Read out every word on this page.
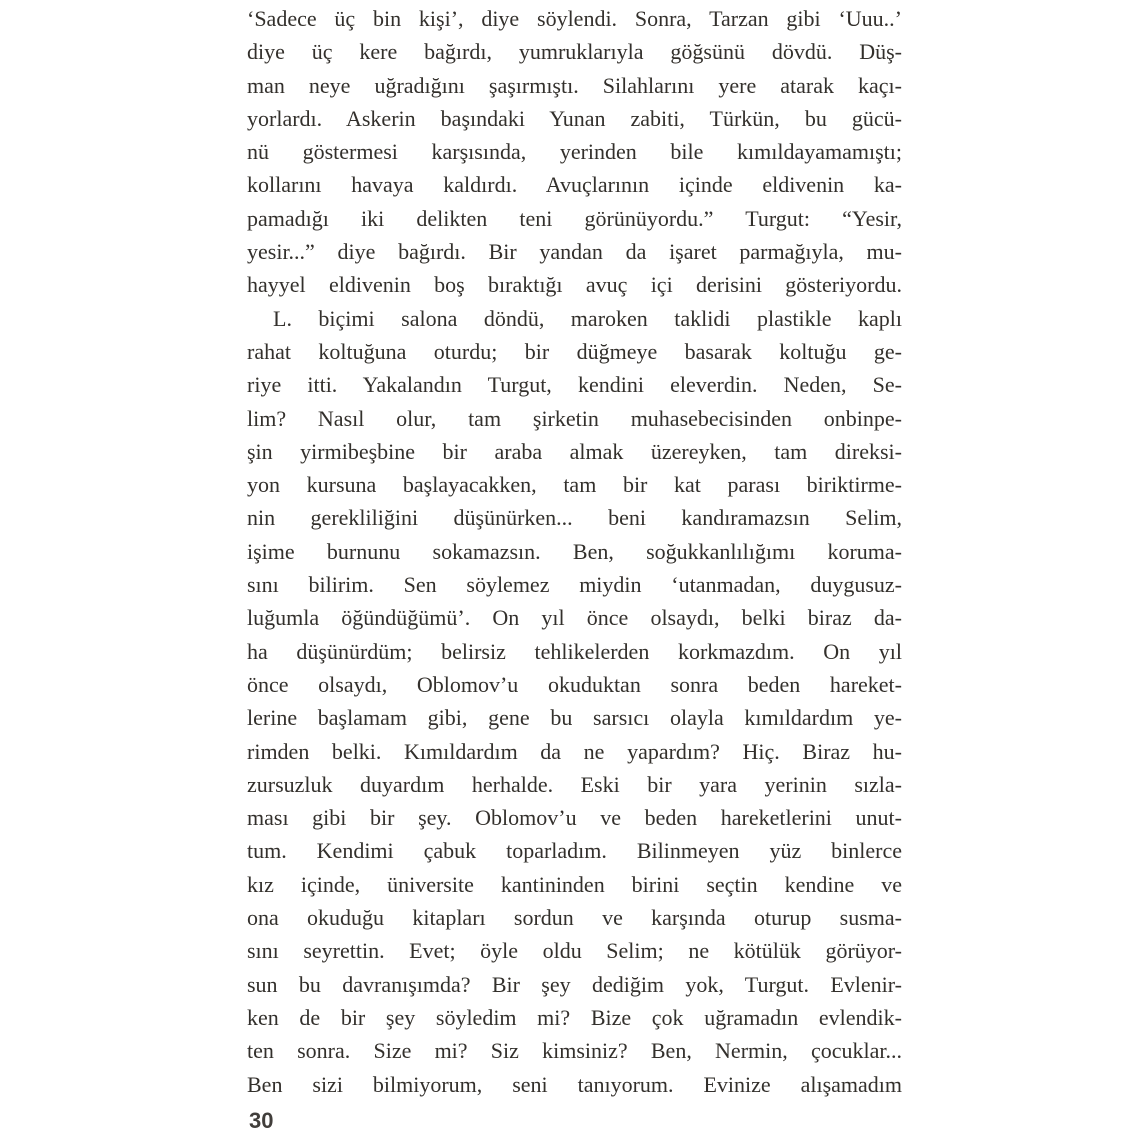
‘Sadece üç bin kişi’, diye söylendi. Sonra, Tarzan gibi ‘Uuu..’
diye üç kere bağırdı, yumruklarıyla göğsünü dövdü. Düş-
man neye uğradığını şaşırmıştı. Silahlarını yere atarak kaçı-
yorlardı. Askerin başındaki Yunan zabiti, Türkün, bu gücü-
nü göstermesi karşısında, yerinden bile kımıldayamamıştı;
kollarını havaya kaldırdı. Avuçlarının içinde eldivenin ka-
pamadığı iki delikten teni görünüyordu.” Turgut: “Yesir,
yesir...” diye bağırdı. Bir yandan da işaret parmağıyla, mu-
hayyel eldivenin boş bıraktığı avuç içi derisini gösteriyordu.
L. biçimi salona döndü, maroken taklidi plastikle kaplı
rahat koltuğuna oturdu; bir düğmeye basarak koltuğu ge-
riye itti. Yakalandın Turgut, kendini eleverdin. Neden, Se-
lim? Nasıl olur, tam şirketin muhasebecisinden onbinpe-
şin yirmibeşbine bir araba almak üzereyken, tam direksi-
yon kursuna başlayacakken, tam bir kat parası biriktirme-
nin gerekliliğini düşünürken... beni kandıramazsın Selim,
işime burnunu sokamazsın. Ben, soğukkanlılığımı koruma-
sını bilirim. Sen söylemez miydin ‘utanmadan, duygusuz-
luğumla öğündüğümü’. On yıl önce olsaydı, belki biraz da-
ha düşünürdüm; belirsiz tehlikelerden korkmazdım. On yıl
önce olsaydı, Oblomov’u okuduktan sonra beden hareket-
lerine başlamam gibi, gene bu sarsıcı olayla kımıldardım ye-
rimden belki. Kımıldardım da ne yapardım? Hiç. Biraz hu-
zursuzluk duyardım herhalde. Eski bir yara yerinin sızla-
ması gibi bir şey. Oblomov’u ve beden hareketlerini unut-
tum. Kendimi çabuk toparladım. Bilinmeyen yüz binlerce
kız içinde, üniversite kantininden birini seçtin kendine ve
ona okuduğu kitapları sordun ve karşında oturup susma-
sını seyrettin. Evet; öyle oldu Selim; ne kötülük görüyor-
sun bu davranışımda? Bir şey dediğim yok, Turgut. Evlenir-
ken de bir şey söyledim mi? Bize çok uğramadın evlendik-
ten sonra. Size mi? Siz kimsiniz? Ben, Nermin, çocuklar...
Ben sizi bilmiyorum, seni tanıyorum. Evinize alışamadım
30
